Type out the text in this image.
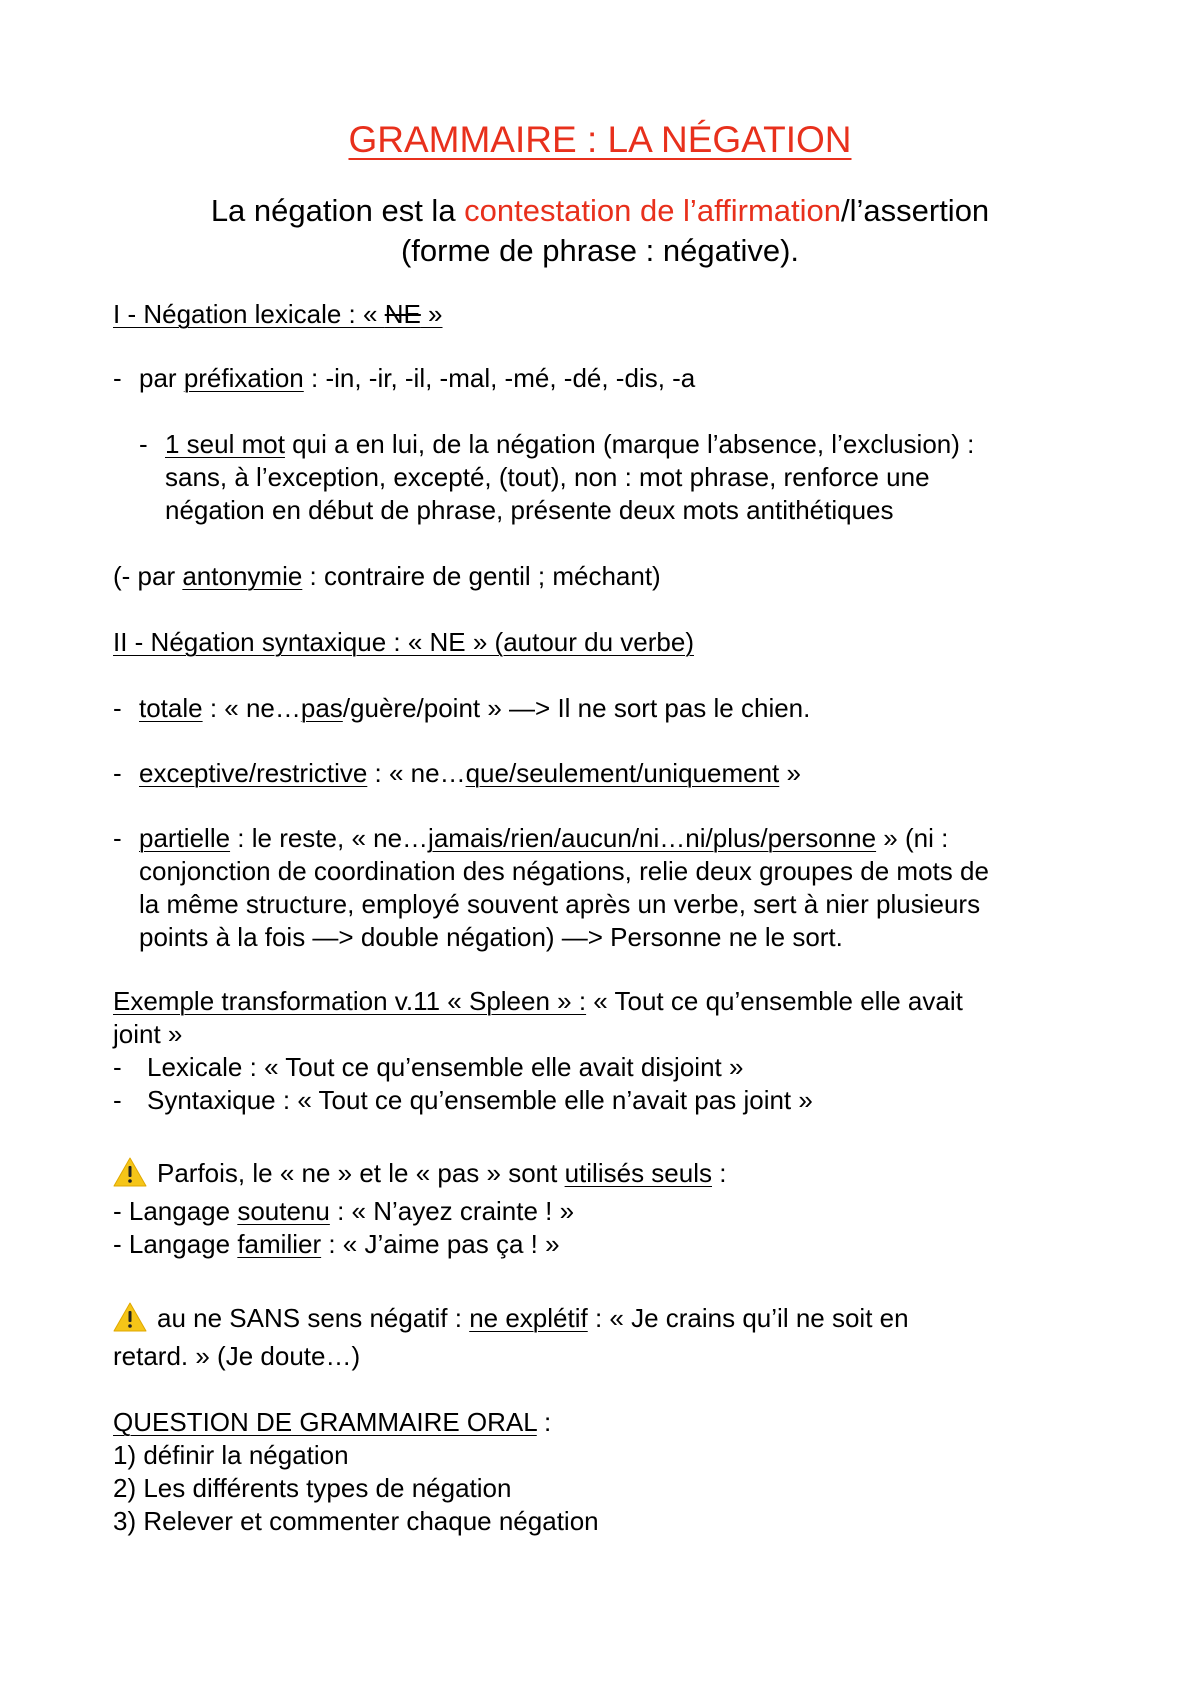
GRAMMAIRE : LA NÉGATION
La négation est la contestation de l’affirmation/l’assertion
(forme de phrase : négative).
I - Négation lexicale : « NE »
- par préfixation : -in, -ir, -il, -mal, -mé, -dé, -dis, -a
- 1 seul mot qui a en lui, de la négation (marque l’absence, l’exclusion) :
sans, à l’exception, excepté, (tout), non : mot phrase, renforce une
négation en début de phrase, présente deux mots antithétiques
(- par antonymie : contraire de gentil ; méchant)
II - Négation syntaxique : « NE » (autour du verbe)
- totale : « ne…pas/guère/point » —> Il ne sort pas le chien.
- exceptive/restrictive : « ne…que/seulement/uniquement »
- partielle : le reste, « ne…jamais/rien/aucun/ni…ni/plus/personne » (ni :
conjonction de coordination des négations, relie deux groupes de mots de
la même structure, employé souvent après un verbe, sert à nier plusieurs
points à la fois —> double négation) —> Personne ne le sort.
Exemple transformation v.11 « Spleen » : « Tout ce qu’ensemble elle avait
joint »
- Lexicale : « Tout ce qu’ensemble elle avait disjoint »
- Syntaxique : « Tout ce qu’ensemble elle n’avait pas joint »
Parfois, le « ne » et le « pas » sont utilisés seuls :
- Langage soutenu : « N’ayez crainte ! »
- Langage familier : « J’aime pas ça ! »
au ne SANS sens négatif : ne explétif : « Je crains qu’il ne soit en
retard. » (Je doute…)
QUESTION DE GRAMMAIRE ORAL :
1) définir la négation
2) Les différents types de négation
3) Relever et commenter chaque négation
